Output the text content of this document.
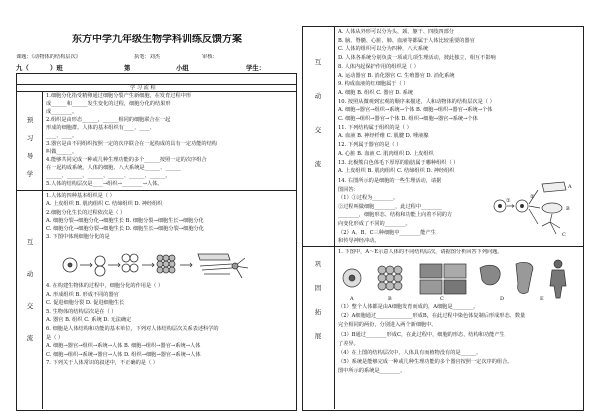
东方中学九年级生物学科训练反馈方案
课题：《动物体的结构层次》	执笔：刘杰	审核：
九（	）班	第	小组	学生：
学 习 流 程
预
习
导
学
1.细胞分化指受精卵通过细胞分裂产生新细胞，在发育过程中形
成______和______发生变化的过程，细胞分化的结果形
成________。
2.组织是由形态______，______相同的细胞联合在一起
形成的细胞群。人体的基本组织有____、____、
____、____。
3.器官是由不同组织按照一定的次序联合在一起构成的具有一定功能的结构
叫做______。
4.能够共同完成一种或几种生理功能的多个______按照一定的次序组合
在一起构成系统。人体的细胞、八大系统是______、______
______、______、______、______、______、______。
5.人体的结构层次是____→组织→________→人体。
互
动
交
流
1.人体的四种基本组织是（ ）
A. 上皮组织 B. 肌肉组织 C. 结缔组织 D. 神经组织
2.细胞分化生长的过程依次是（ ）
A. 细胞分裂→细胞分化→细胞生长 B. 细胞分裂→细胞生长→细胞分化
C. 细胞分化→细胞分裂→细胞生长 D. 细胞生长→细胞分裂→细胞分化
3. 下图中体现细胞分化的是
4. 在构建生物体的过程中，细胞分化的作用是（ ）
A. 形成组织 B. 形成不同的器官
C. 促进细胞分裂 D. 促进细胞生长
5. 生物体的结构层次是在（ ）
A. 器官 B. 组织 C. 系统 D. 无法确定
6. 细胞是人体结构和功能的基本单位，下列对人体结构层次关系表述科学的
是（ ）
A. 细胞→器官→组织→系统→人体 B. 细胞→组织→器官→系统→人体
C. 细胞→组织→系统→器官→人体 D. 组织→细胞→器官→系统→人体
7. 下列关于人体常识的叙述中，不正确的是（ ）
互
动
交
流
巩
固
拓
展
A. 人体从外形可以分为头、颈、躯干、四肢四部分
B. 脑、脊髓、心脏、肺、血液等都属于人体比较重要的器官
C. 人体的组织可以分为四种，八大系统
D. 人体各系统分别负责一项或几项生理活动，彼此独立，相互不影响
8. 人体内起保护作用的组织是（ ）
A. 运动器官 B. 消化器官 C. 生殖器官 D. 消化系统
9. 构成血液的红细胞属于（ ）
A. 细胞 B. 组织 C. 器官 D. 系统
10. 按照从微观到宏观的顺序来描述，人和动物体的结构层次是（ ）
A. 细胞→器官→组织→系统→个体 B. 细胞→组织→器官→系统→个体
C. 细胞→组织→器官→个体 D. 组织→细胞→器官→系统→个体
11. 下列结构属于组织的是（ ）
A. 血液 B. 神经纤维 C. 肌腱 D. 唾液腺
12. 下列属于器官的是（ ）
A. 心脏 B. 血液 C. 肌肉组织 D. 上皮组织
13. 北极熊白色体毛下厚厚的脂肪属于哪种组织（ ）
A. 上皮组织 B. 肌肉组织 C. 结缔组织 D. 神经组织
14. 右图所示的是细胞的一些生理活动，请据
图回答：
（1）①过程为________。
②过程叫做细胞________，此过程中________
________，细胞形态、结构和功能上向着不同的方
向变化形成了不同的________。
（2）A、B、C三种细胞中________能产生
和传导神经冲动。
①
②
A
B
C
1. 下图中，A～E示意人体的不同结构层次，请据图分析回答下列问题。
A	B	C	D	E
（1）整个人体都是由A细胞发育而成的，A细胞是________。
（2）A细胞通过______________形成B，在此过程中染色体复制后形成形态、数量
完全相同的两份，分别进入两个新细胞中。
（3）B通过________形成C，在此过程中，细胞的形态、结构和功能产生
了差异。
（4）在上图的结构层次中，人体具有而植物没有的是______。
（5）系统是能够完成一种或几种生理功能的多个器官按照一定次序的组合。
图中所示的系统是________。
